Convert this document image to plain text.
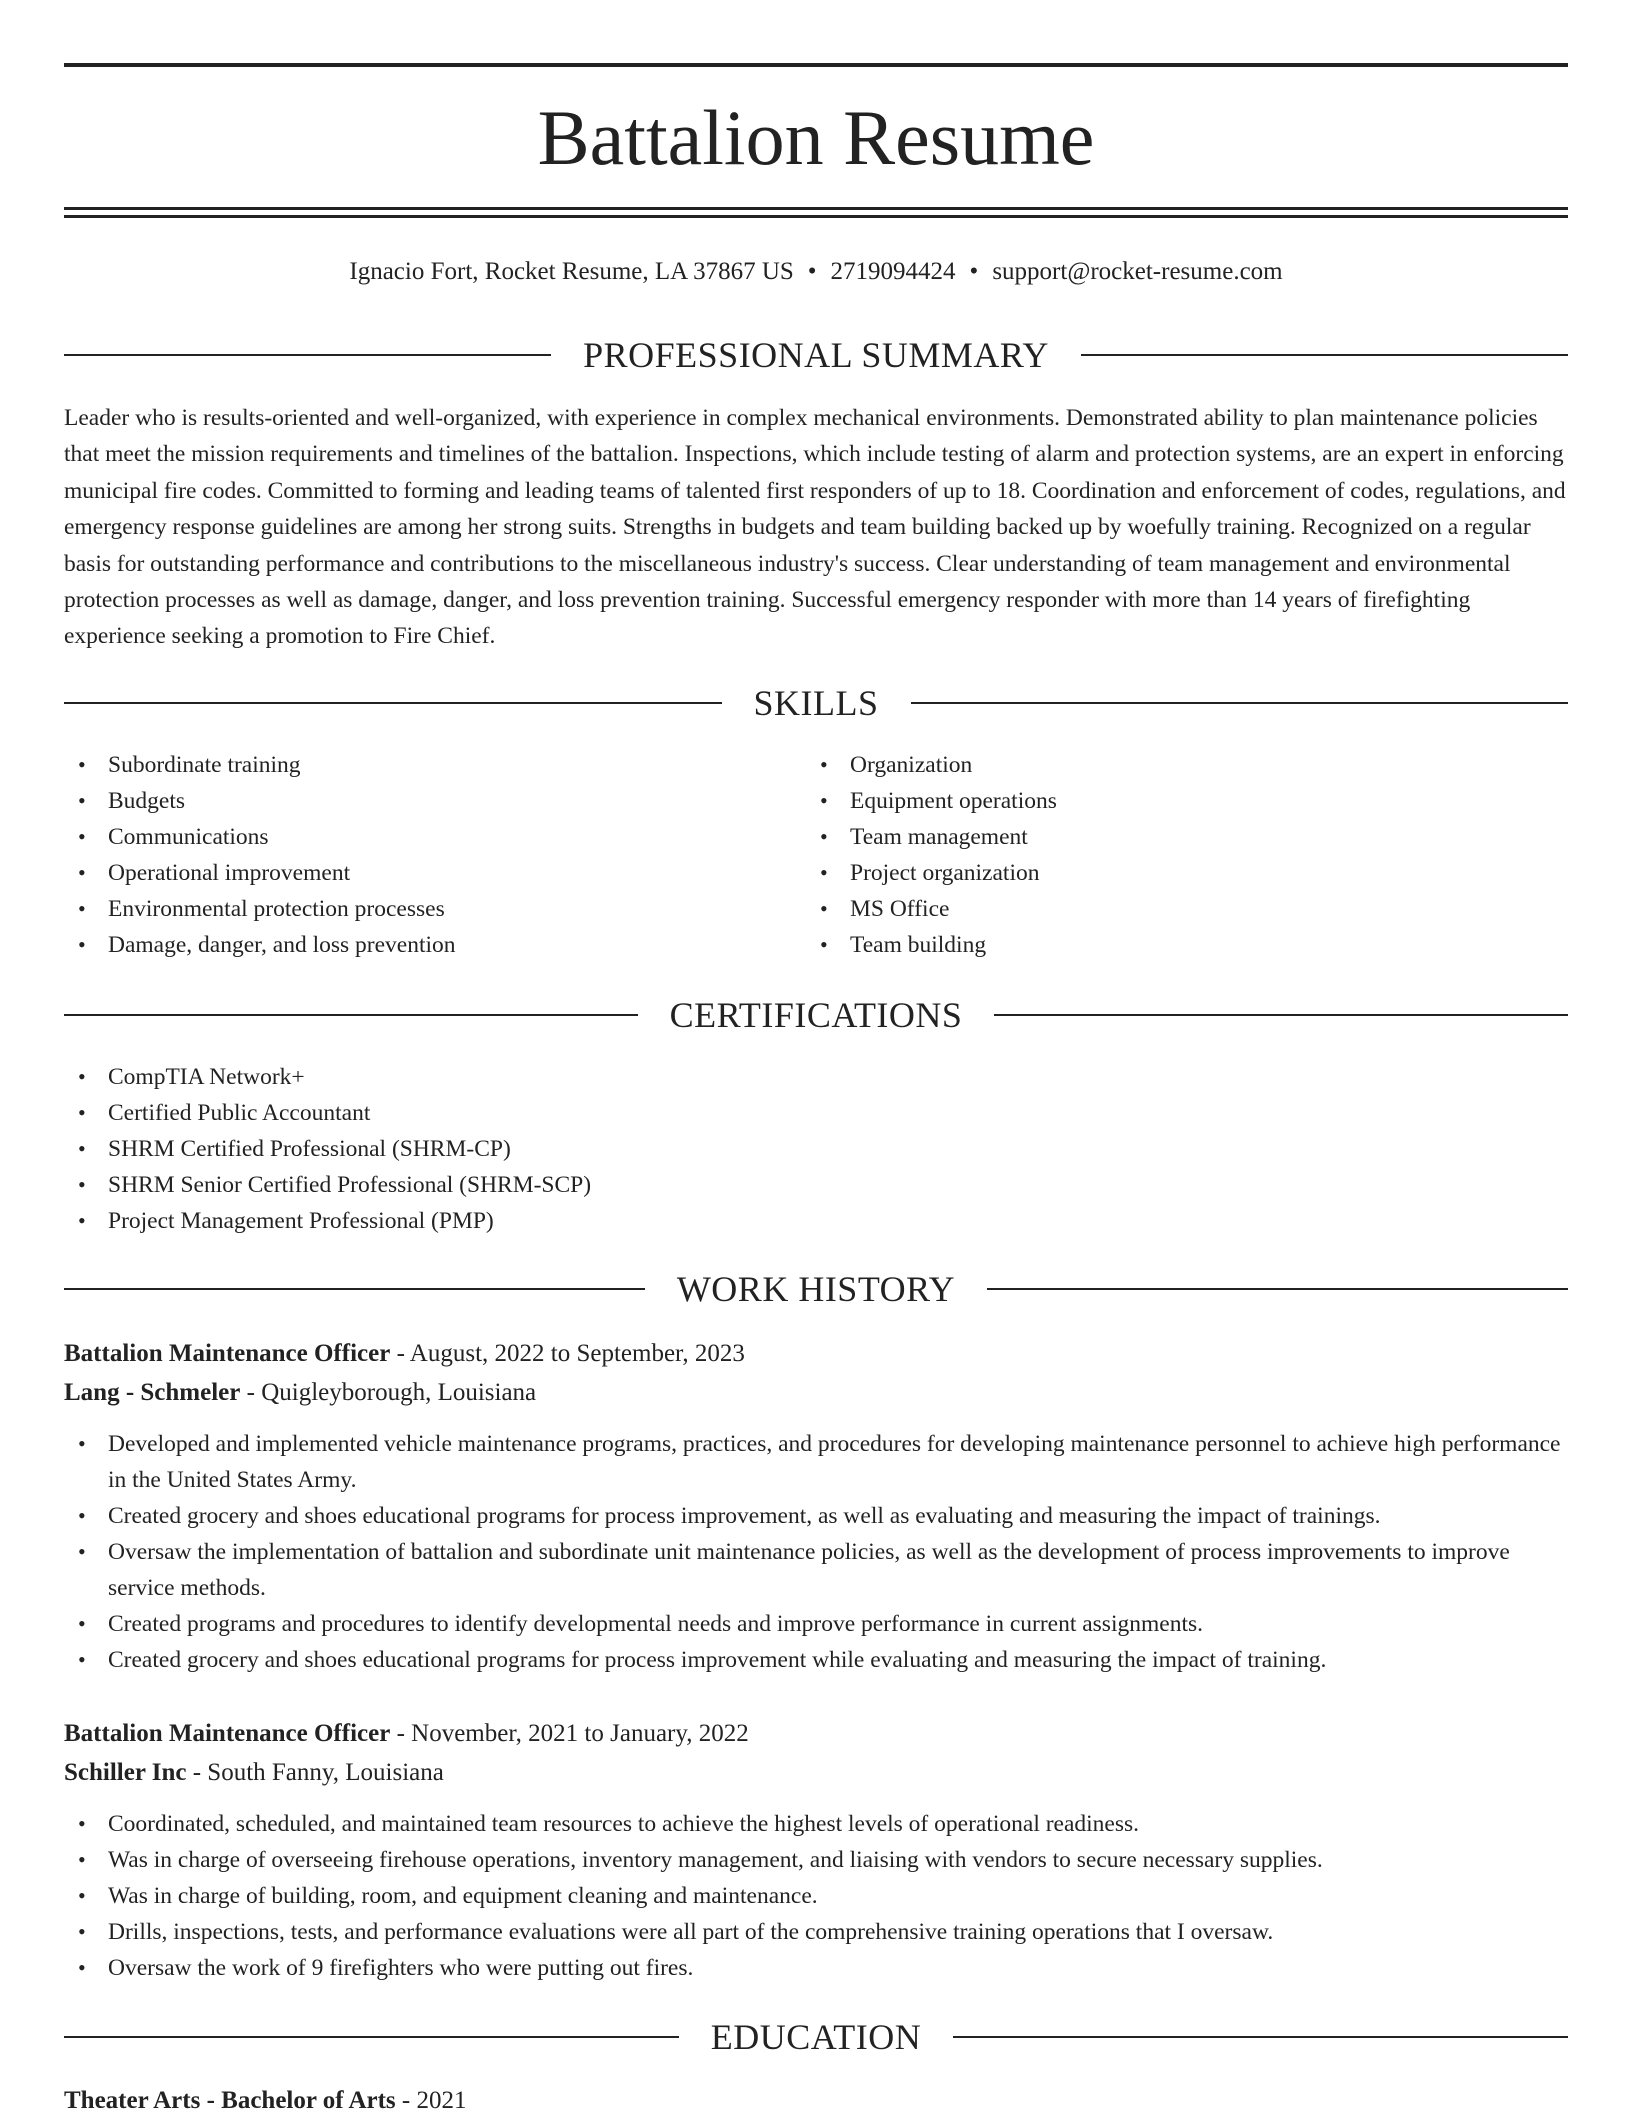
Battalion Resume
Ignacio Fort, Rocket Resume, LA 37867 US • 2719094424 • support@rocket-resume.com
PROFESSIONAL SUMMARY

Leader who is results-oriented and well-organized, with experience in complex mechanical environments. Demonstrated ability to plan maintenance policies that meet the mission requirements and timelines of the battalion. Inspections, which include testing of alarm and protection systems, are an expert in enforcing municipal fire codes. Committed to forming and leading teams of talented first responders of up to 18. Coordination and enforcement of codes, regulations, and emergency response guidelines are among her strong suits. Strengths in budgets and team building backed up by woefully training. Recognized on a regular basis for outstanding performance and contributions to the miscellaneous industry's success. Clear understanding of team management and environmental protection processes as well as damage, danger, and loss prevention training. Successful emergency responder with more than 14 years of firefighting experience seeking a promotion to Fire Chief.

SKILLS
• Subordinate training
• Budgets
• Communications
• Operational improvement
• Environmental protection processes
• Damage, danger, and loss prevention
• Organization
• Equipment operations
• Team management
• Project organization
• MS Office
• Team building
CERTIFICATIONS
• CompTIA Network+
• Certified Public Accountant
• SHRM Certified Professional (SHRM-CP)
• SHRM Senior Certified Professional (SHRM-SCP)
• Project Management Professional (PMP)
WORK HISTORY
Battalion Maintenance Officer - August, 2022 to September, 2023
Lang - Schmeler - Quigleyborough, Louisiana
• Developed and implemented vehicle maintenance programs, practices, and procedures for developing maintenance personnel to achieve high performance in the United States Army.
• Created grocery and shoes educational programs for process improvement, as well as evaluating and measuring the impact of trainings.
• Oversaw the implementation of battalion and subordinate unit maintenance policies, as well as the development of process improvements to improve service methods.
• Created programs and procedures to identify developmental needs and improve performance in current assignments.
• Created grocery and shoes educational programs for process improvement while evaluating and measuring the impact of training.
Battalion Maintenance Officer - November, 2021 to January, 2022
Schiller Inc - South Fanny, Louisiana
• Coordinated, scheduled, and maintained team resources to achieve the highest levels of operational readiness.
• Was in charge of overseeing firehouse operations, inventory management, and liaising with vendors to secure necessary supplies.
• Was in charge of building, room, and equipment cleaning and maintenance.
• Drills, inspections, tests, and performance evaluations were all part of the comprehensive training operations that I oversaw.
• Oversaw the work of 9 firefighters who were putting out fires.
EDUCATION
Theater Arts - Bachelor of Arts - 2021
